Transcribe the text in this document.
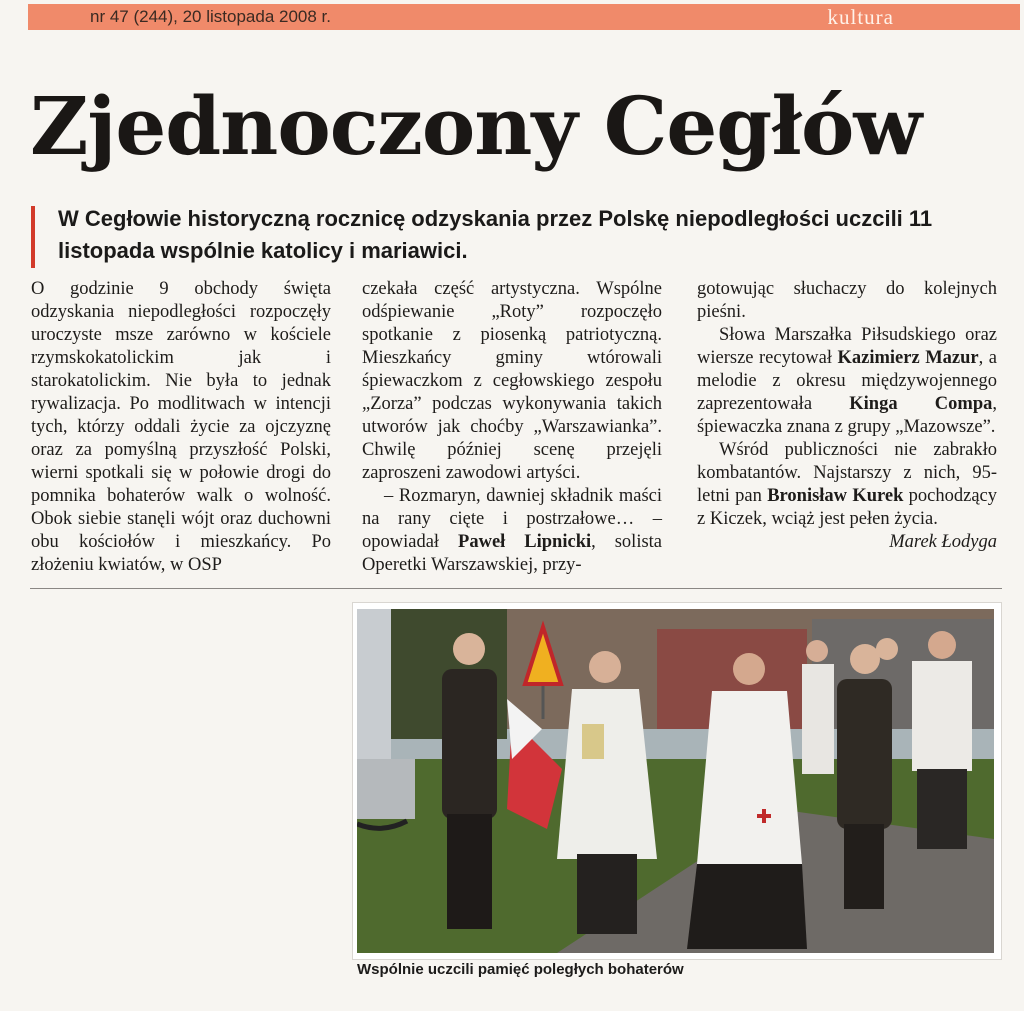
nr 47 (244), 20 listopada 2008 r.	kultura
Zjednoczony Cegłów
W Cegłowie historyczną rocznicę odzyskania przez Polskę niepodległości uczcili 11 listopada wspólnie katolicy i mariawici.

O godzinie 9 obchody święta odzyskania niepodległości rozpoczęły uroczyste msze zarówno w kościele rzymskokatolickim jak i starokatolickim. Nie była to jednak rywalizacja. Po modlitwach w intencji tych, którzy oddali życie za ojczyznę oraz za pomyślną przyszłość Polski, wierni spotkali się w połowie drogi do pomnika bohaterów walk o wolność. Obok siebie stanęli wójt oraz duchowni obu kościołów i mieszkańcy. Po złożeniu kwiatów, w OSP

czekała część artystyczna. Wspólne odśpiewanie „Roty” rozpoczęło spotkanie z piosenką patriotyczną. Mieszkańcy gminy wtórowali śpiewaczkom z cegłowskiego zespołu „Zorza” podczas wykonywania takich utworów jak choćby „Warszawianka”. Chwilę później scenę przejęli zaproszeni zawodowi artyści.

– Rozmaryn, dawniej składnik maści na rany cięte i postrzałowe… – opowiadał Paweł Lipnicki, solista Operetki Warszawskiej, przy-

gotowując słuchaczy do kolejnych pieśni.

Słowa Marszałka Piłsudskiego oraz wiersze recytował Kazimierz Mazur, a melodie z okresu międzywojennego zaprezentowała Kinga Compa, śpiewaczka znana z grupy „Mazowsze”.

Wśród publiczności nie zabrakło kombatantów. Najstarszy z nich, 95-letni pan Bronisław Kurek pochodzący z Kiczek, wciąż jest pełen życia.

Marek Łodyga

Wspólnie uczcili pamięć poległych bohaterów
